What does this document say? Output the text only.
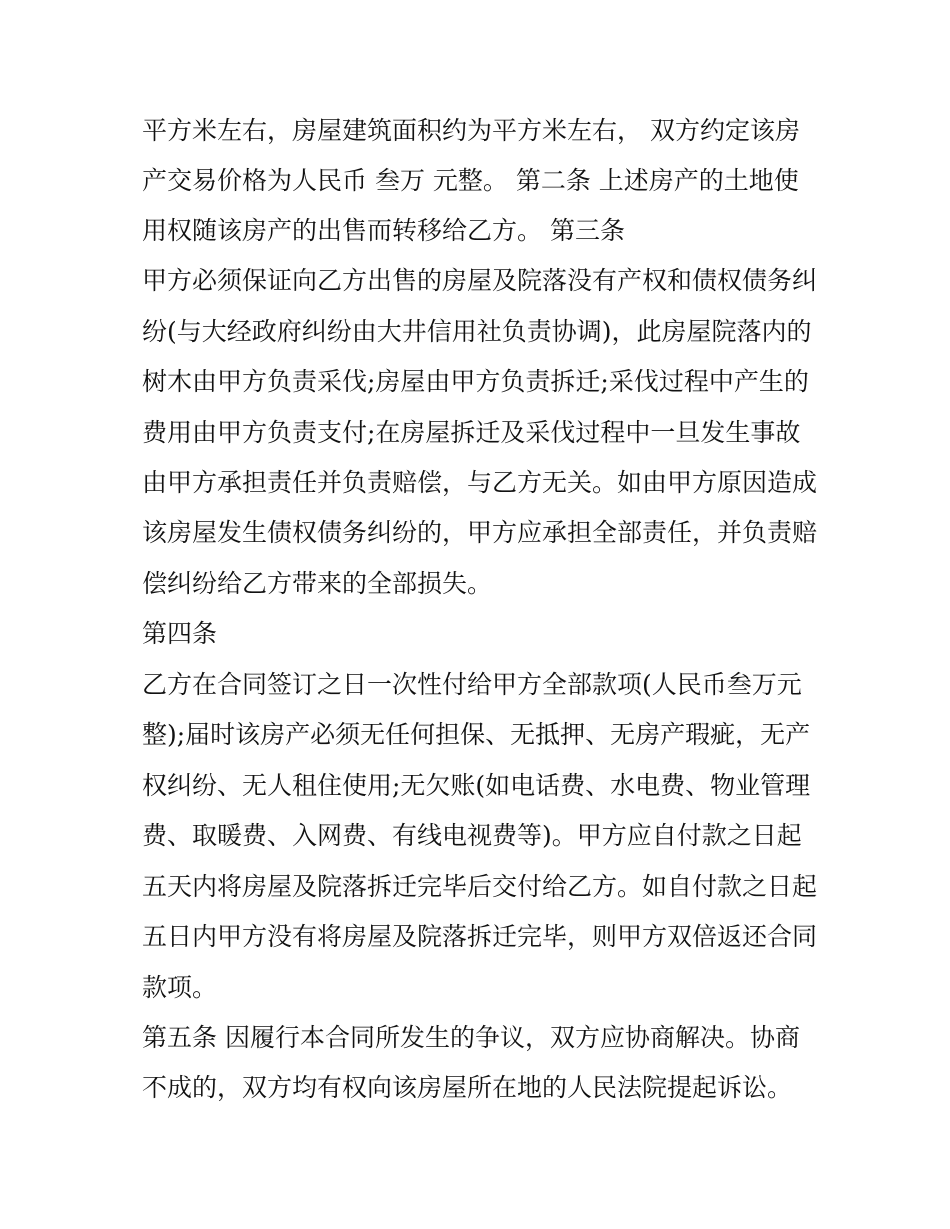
平方米左右，房屋建筑面积约为平方米左右， 双方约定该房

产交易价格为人民币 叁万 元整。 第二条 上述房产的土地使

用权随该房产的出售而转移给乙方。 第三条

甲方必须保证向乙方出售的房屋及院落没有产权和债权债务纠

纷(与大经政府纠纷由大井信用社负责协调)，此房屋院落内的

树木由甲方负责采伐;房屋由甲方负责拆迁;采伐过程中产生的

费用由甲方负责支付;在房屋拆迁及采伐过程中一旦发生事故

由甲方承担责任并负责赔偿，与乙方无关。如由甲方原因造成

该房屋发生债权债务纠纷的，甲方应承担全部责任，并负责赔

偿纠纷给乙方带来的全部损失。

第四条

乙方在合同签订之日一次性付给甲方全部款项(人民币叁万元

整);届时该房产必须无任何担保、无抵押、无房产瑕疵，无产

权纠纷、无人租住使用;无欠账(如电话费、水电费、物业管理

费、取暖费、入网费、有线电视费等)。甲方应自付款之日起

五天内将房屋及院落拆迁完毕后交付给乙方。如自付款之日起

五日内甲方没有将房屋及院落拆迁完毕，则甲方双倍返还合同

款项。

第五条 因履行本合同所发生的争议，双方应协商解决。协商

不成的，双方均有权向该房屋所在地的人民法院提起诉讼。
